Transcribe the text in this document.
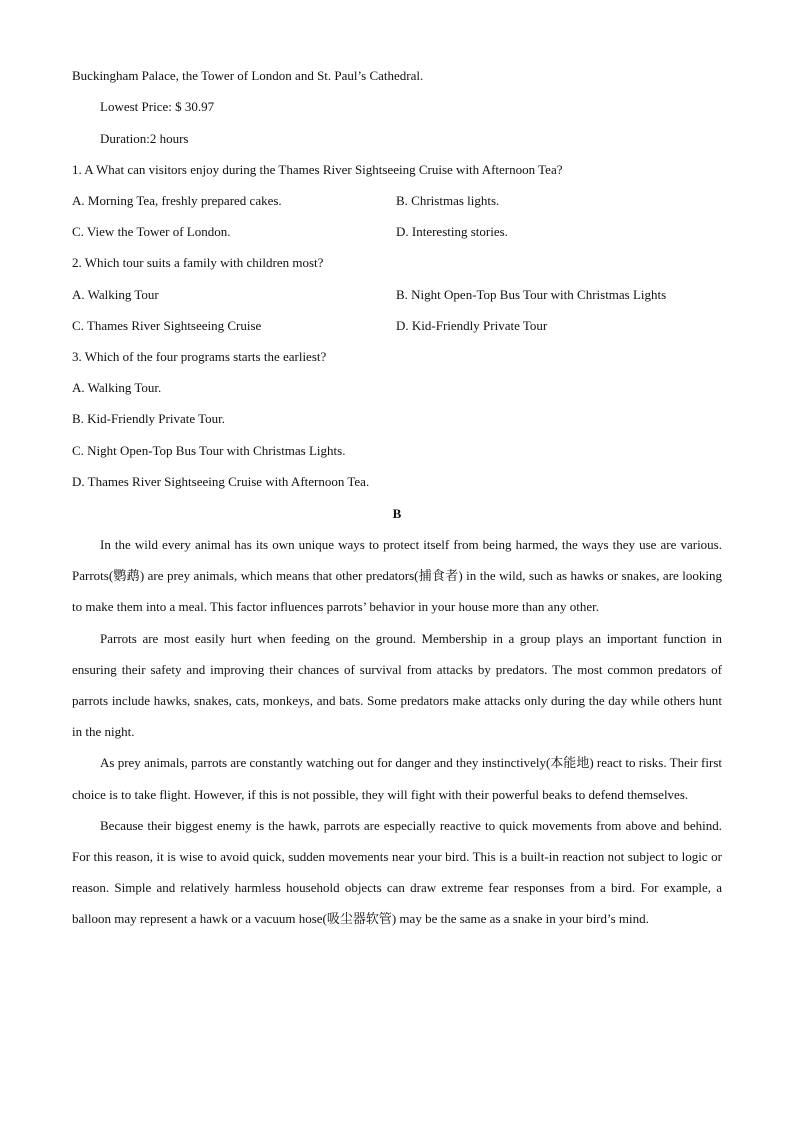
Buckingham Palace, the Tower of London and St. Paul’s Cathedral.
Lowest Price: $ 30.97
Duration:2 hours
1. A What can visitors enjoy during the Thames River Sightseeing Cruise with Afternoon Tea?
A. Morning Tea, freshly prepared cakes.	B. Christmas lights.
C. View the Tower of London.	D. Interesting stories.
2. Which tour suits a family with children most?
A. Walking Tour	B. Night Open-Top Bus Tour with Christmas Lights
C. Thames River Sightseeing Cruise	D. Kid-Friendly Private Tour
3. Which of the four programs starts the earliest?
A. Walking Tour.
B. Kid-Friendly Private Tour.
C. Night Open-Top Bus Tour with Christmas Lights.
D. Thames River Sightseeing Cruise with Afternoon Tea.
B

In the wild every animal has its own unique ways to protect itself from being harmed, the ways they use are various. Parrots(鹦鹉) are prey animals, which means that other predators(捕食者) in the wild, such as hawks or snakes, are looking to make them into a meal. This factor influences parrots’ behavior in your house more than any other.

Parrots are most easily hurt when feeding on the ground. Membership in a group plays an important function in ensuring their safety and improving their chances of survival from attacks by predators. The most common predators of parrots include hawks, snakes, cats, monkeys, and bats. Some predators make attacks only during the day while others hunt in the night.

As prey animals, parrots are constantly watching out for danger and they instinctively(本能地) react to risks. Their first choice is to take flight. However, if this is not possible, they will fight with their powerful beaks to defend themselves.

Because their biggest enemy is the hawk, parrots are especially reactive to quick movements from above and behind. For this reason, it is wise to avoid quick, sudden movements near your bird. This is a built-in reaction not subject to logic or reason. Simple and relatively harmless household objects can draw extreme fear responses from a bird. For example, a balloon may represent a hawk or a vacuum hose(吸尘器软管) may be the same as a snake in your bird’s mind.
